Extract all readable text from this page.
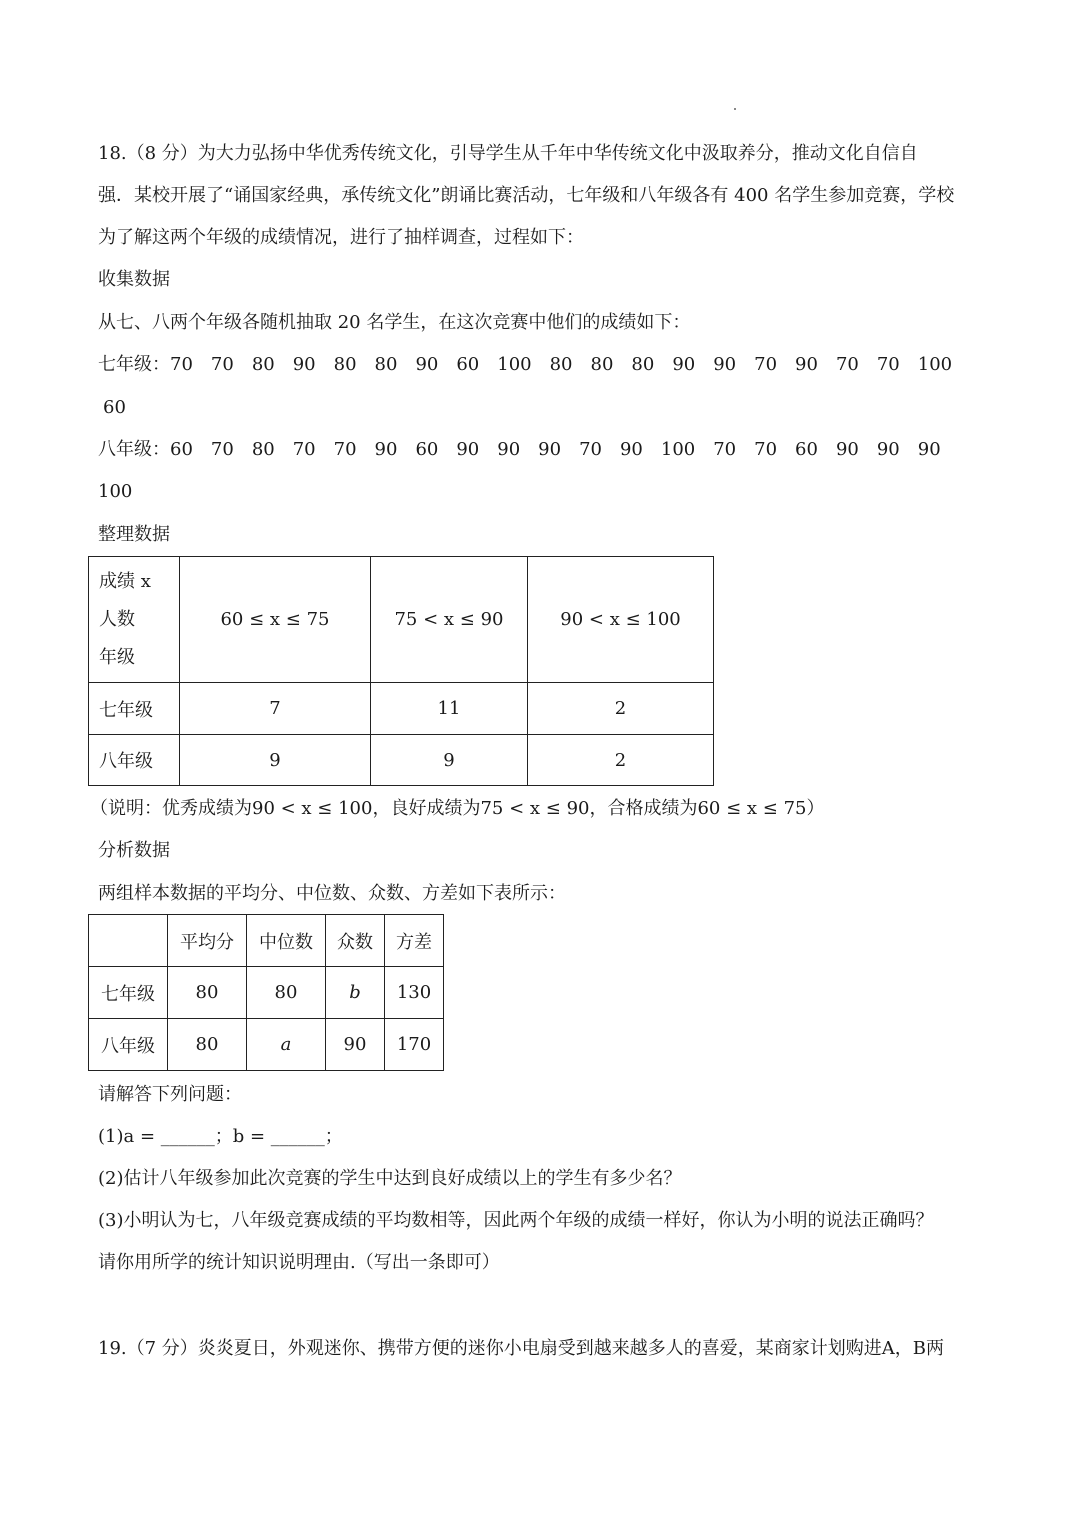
18.（8 分）为大力弘扬中华优秀传统文化，引导学生从千年中华传统文化中汲取养分，推动文化自信自
强．某校开展了“诵国家经典，承传统文化”朗诵比赛活动，七年级和八年级各有 400 名学生参加竞赛，学校
为了解这两个年级的成绩情况，进行了抽样调查，过程如下：
收集数据
从七、八两个年级各随机抽取 20 名学生，在这次竞赛中他们的成绩如下：
七年级：70 70 80 90 80 80 90 60 100 80 80 80 90 90 70 90 70 70 100
60
八年级：60 70 80 70 70 90 60 90 90 90 70 90 100 70 70 60 90 90 90
100
整理数据
成绩 x
人数
年级	60 ≤ x ≤ 75	75 < x ≤ 90	90 < x ≤ 100
七年级	7	11	2
八年级	9	9	2
（说明：优秀成绩为90 < x ≤ 100，良好成绩为75 < x ≤ 90，合格成绩为60 ≤ x ≤ 75）
分析数据
两组样本数据的平均分、中位数、众数、方差如下表所示：
	平均分	中位数	众数	方差
七年级	80	80	b	130
八年级	80	a	90	170
请解答下列问题：
(1)a = ______；b = ______；
(2)估计八年级参加此次竞赛的学生中达到良好成绩以上的学生有多少名？
(3)小明认为七，八年级竞赛成绩的平均数相等，因此两个年级的成绩一样好，你认为小明的说法正确吗？
请你用所学的统计知识说明理由.（写出一条即可）
19.（7 分）炎炎夏日，外观迷你、携带方便的迷你小电扇受到越来越多人的喜爱，某商家计划购进A，B两
